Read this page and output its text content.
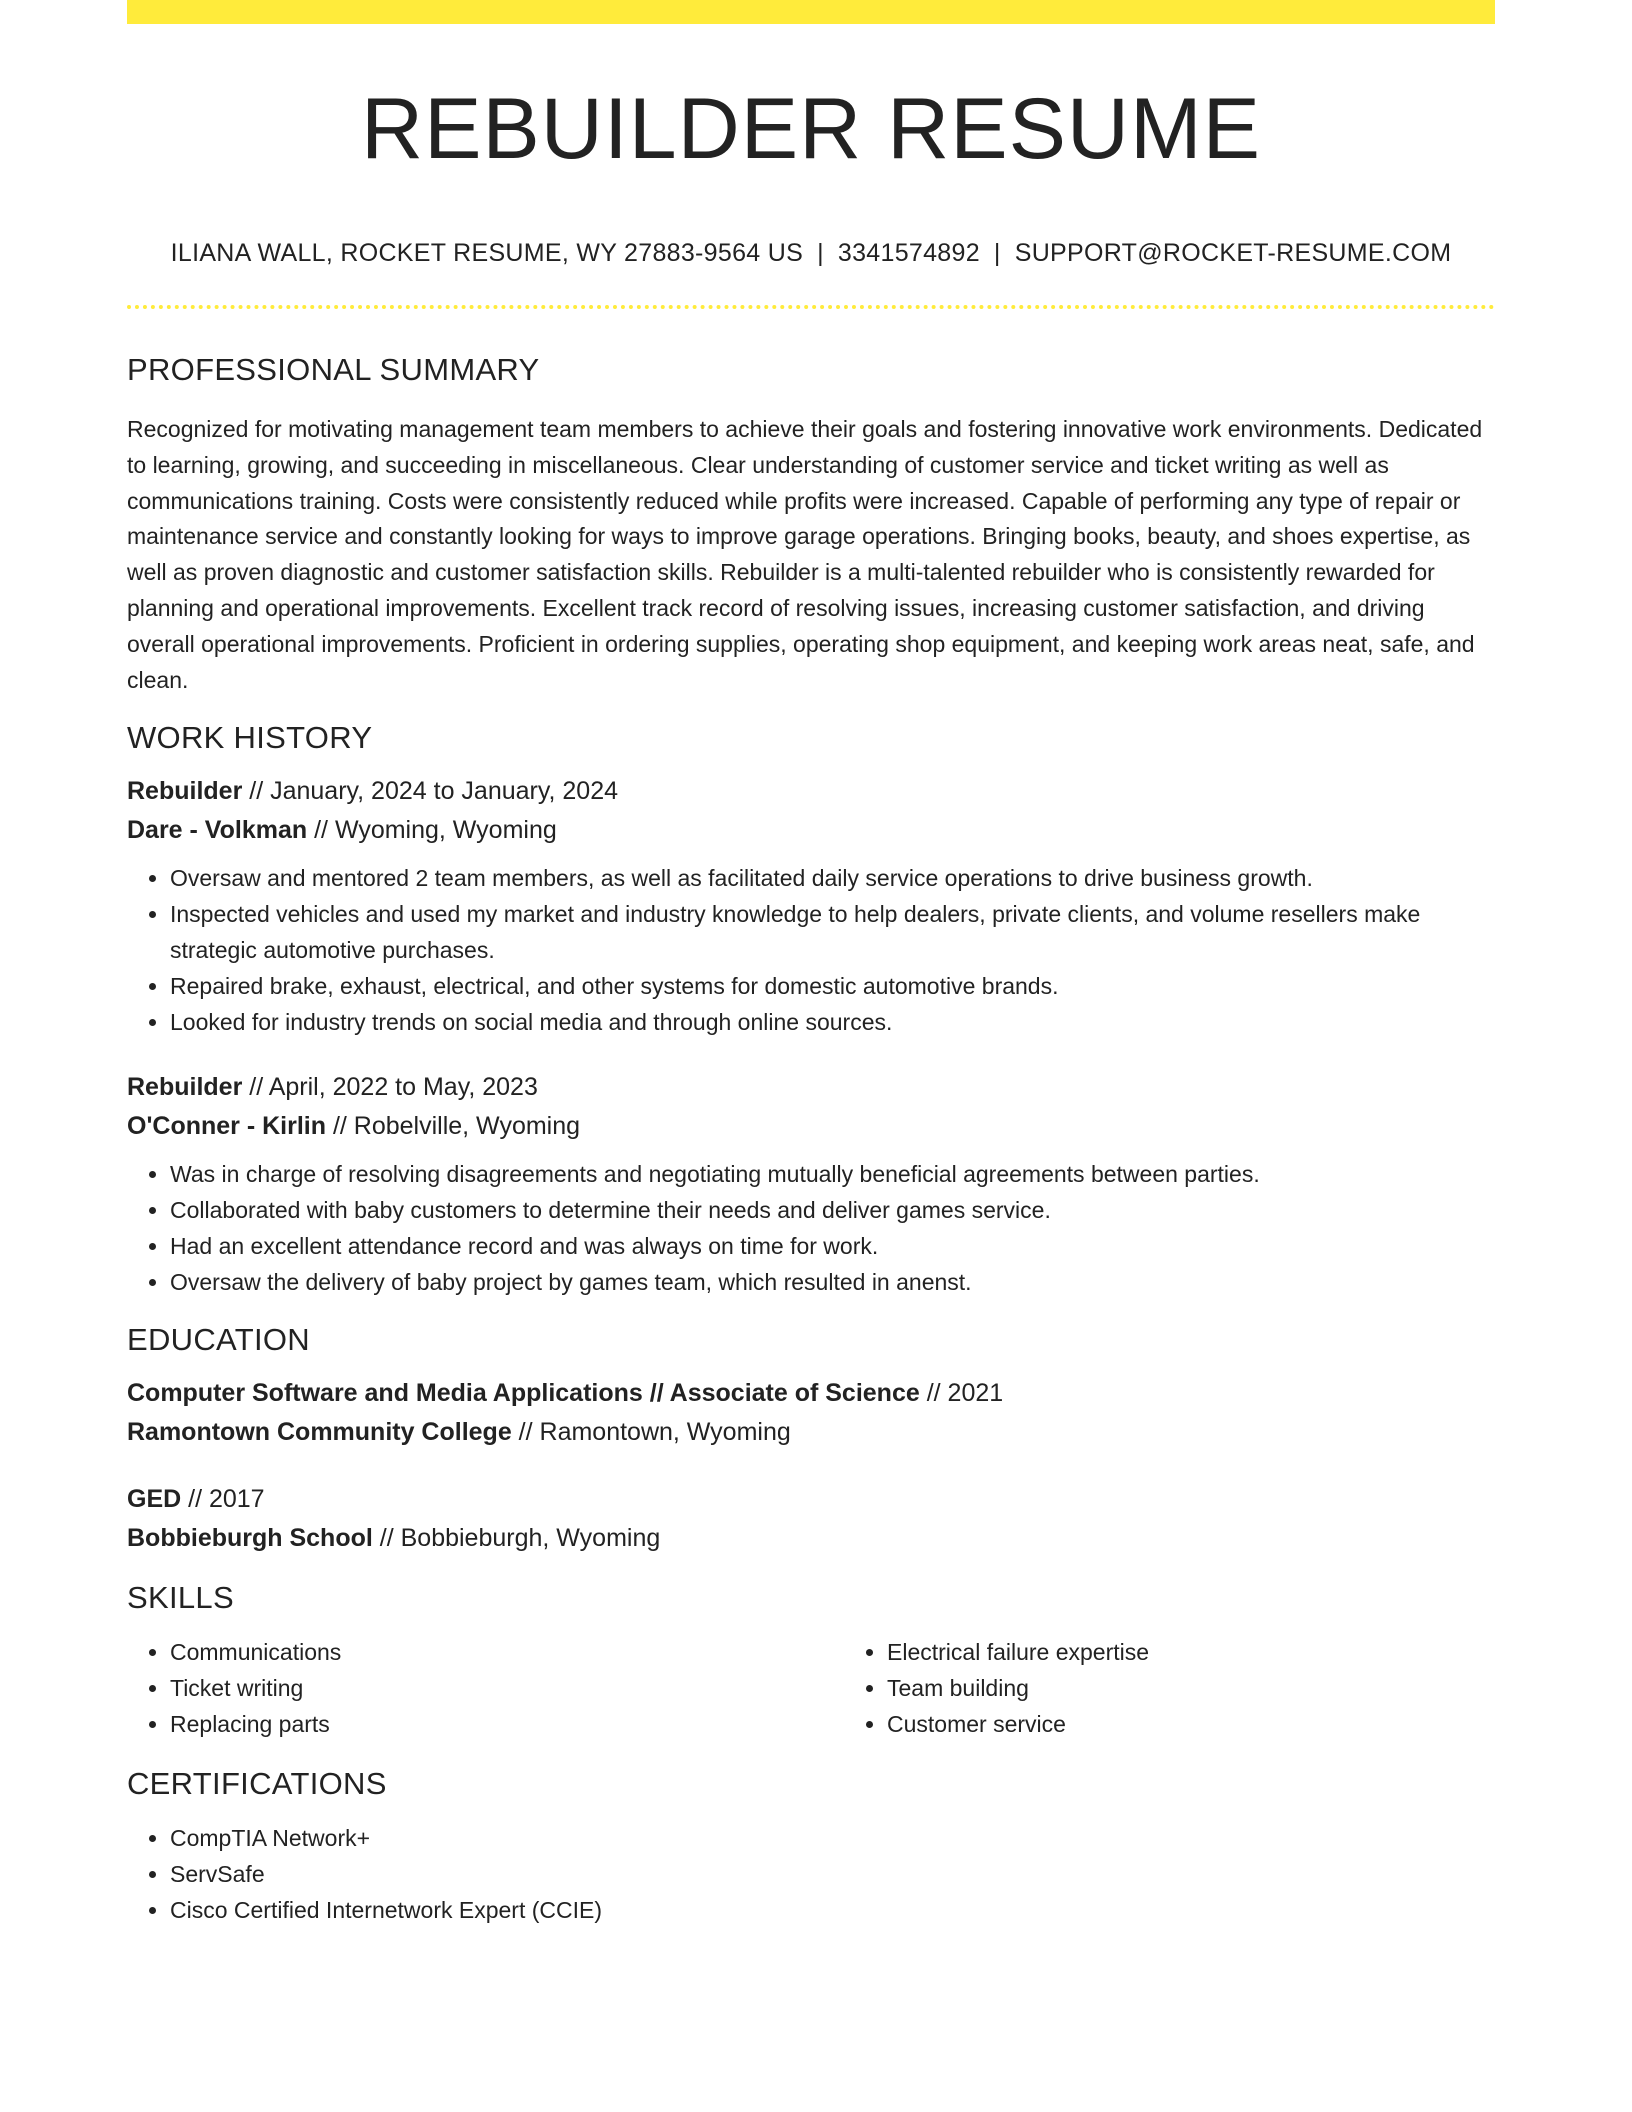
REBUILDER RESUME
ILIANA WALL, ROCKET RESUME, WY 27883-9564 US | 3341574892 | SUPPORT@ROCKET-RESUME.COM
PROFESSIONAL SUMMARY
Recognized for motivating management team members to achieve their goals and fostering innovative work environments. Dedicated to learning, growing, and succeeding in miscellaneous. Clear understanding of customer service and ticket writing as well as communications training. Costs were consistently reduced while profits were increased. Capable of performing any type of repair or maintenance service and constantly looking for ways to improve garage operations. Bringing books, beauty, and shoes expertise, as well as proven diagnostic and customer satisfaction skills. Rebuilder is a multi-talented rebuilder who is consistently rewarded for planning and operational improvements. Excellent track record of resolving issues, increasing customer satisfaction, and driving overall operational improvements. Proficient in ordering supplies, operating shop equipment, and keeping work areas neat, safe, and clean.
WORK HISTORY
Rebuilder // January, 2024 to January, 2024
Dare - Volkman // Wyoming, Wyoming
• Oversaw and mentored 2 team members, as well as facilitated daily service operations to drive business growth.
• Inspected vehicles and used my market and industry knowledge to help dealers, private clients, and volume resellers make strategic automotive purchases.
• Repaired brake, exhaust, electrical, and other systems for domestic automotive brands.
• Looked for industry trends on social media and through online sources.
Rebuilder // April, 2022 to May, 2023
O'Conner - Kirlin // Robelville, Wyoming
• Was in charge of resolving disagreements and negotiating mutually beneficial agreements between parties.
• Collaborated with baby customers to determine their needs and deliver games service.
• Had an excellent attendance record and was always on time for work.
• Oversaw the delivery of baby project by games team, which resulted in anenst.
EDUCATION
Computer Software and Media Applications // Associate of Science // 2021
Ramontown Community College // Ramontown, Wyoming
GED // 2017
Bobbieburgh School // Bobbieburgh, Wyoming
SKILLS
• Communications
• Ticket writing
• Replacing parts
• Electrical failure expertise
• Team building
• Customer service
CERTIFICATIONS
• CompTIA Network+
• ServSafe
• Cisco Certified Internetwork Expert (CCIE)
